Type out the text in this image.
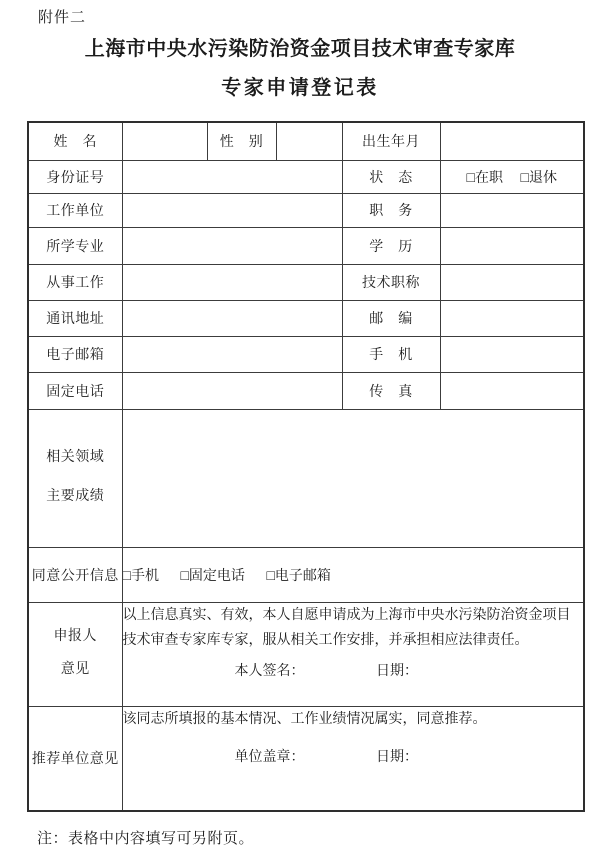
附件二
上海市中央水污染防治资金项目技术审查专家库
专家申请登记表
姓　名		性　别		出生年月	
身份证号				状　态	□在职 □退休
工作单位				职　务	
所学专业				学　历	
从事工作				技术职称	
通讯地址				邮　编	
电子邮箱				手　机	
固定电话				传　真	

相关领域
主要成绩					

同意公开信息	□手机 □固定电话 □电子邮箱				

申报人
意见

以上信息真实、有效，本人自愿申请成为上海市中央水污染防治资金项目技术审查专家库专家，服从相关工作安排，并承担相应法律责任。
本人签名：	日期：

推荐单位意见	该同志所填报的基本情况、工作业绩情况属实，同意推荐。
单位盖章： 日期：				
注：表格中内容填写可另附页。
